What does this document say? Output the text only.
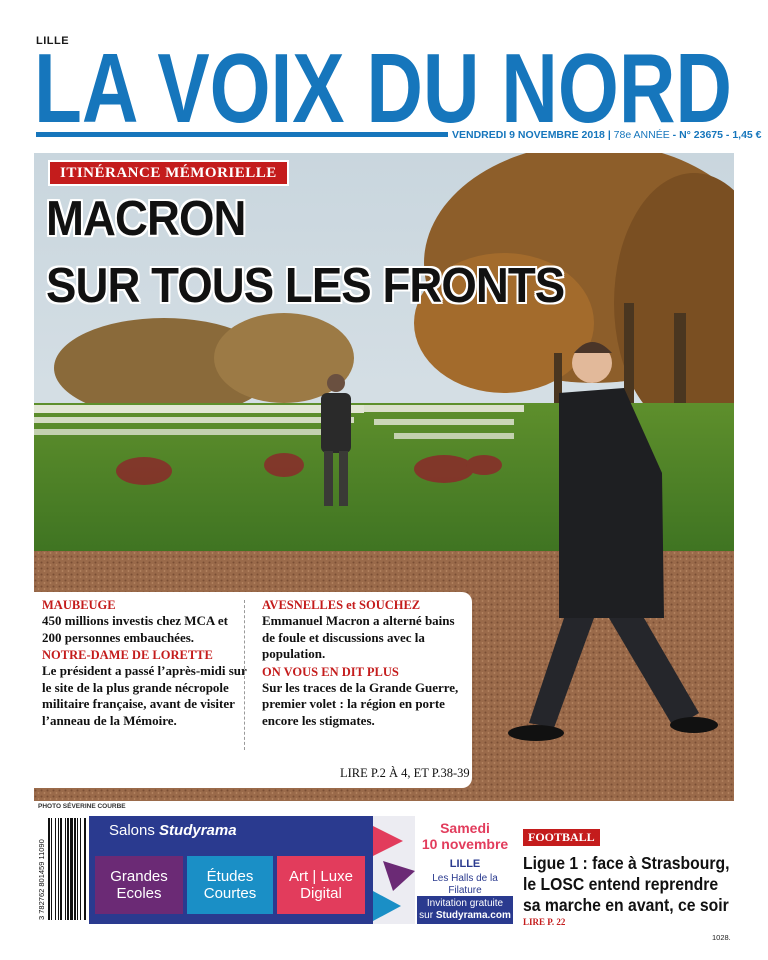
LILLE
LA VOIX DU NORD
VENDREDI 9 NOVEMBRE 2018 | 78e ANNÉE - N° 23675 - 1,45 €
ITINÉRANCE MÉMORIELLE
MACRON
SUR TOUS LES FRONTS

MAUBEUGE

450 millions investis chez MCA et 200 personnes embauchées.

NOTRE-DAME DE LORETTE

Le président a passé l’après-midi sur le site de la plus grande nécropole militaire française, avant de visiter l’anneau de la Mémoire.

AVESNELLES et SOUCHEZ

Emmanuel Macron a alterné bains de foule et discussions avec la population.

ON VOUS EN DIT PLUS

Sur les traces de la Grande Guerre, premier volet : la région en porte encore les stigmates.

LIRE P.2 À 4, ET P.38-39
PHOTO SÉVERINE COURBE
3 782762 801459 11090
Salons Studyrama
Grandes Ecoles
Études Courtes
Art | Luxe Digital
Samedi
10 novembre
LILLE
Les Halls de la Filature
Invitation gratuite
sur Studyrama.com
FOOTBALL
Ligue 1 : face à Strasbourg,
le LOSC entend reprendre
sa marche en avant, ce soir
LIRE P. 22
1028.
